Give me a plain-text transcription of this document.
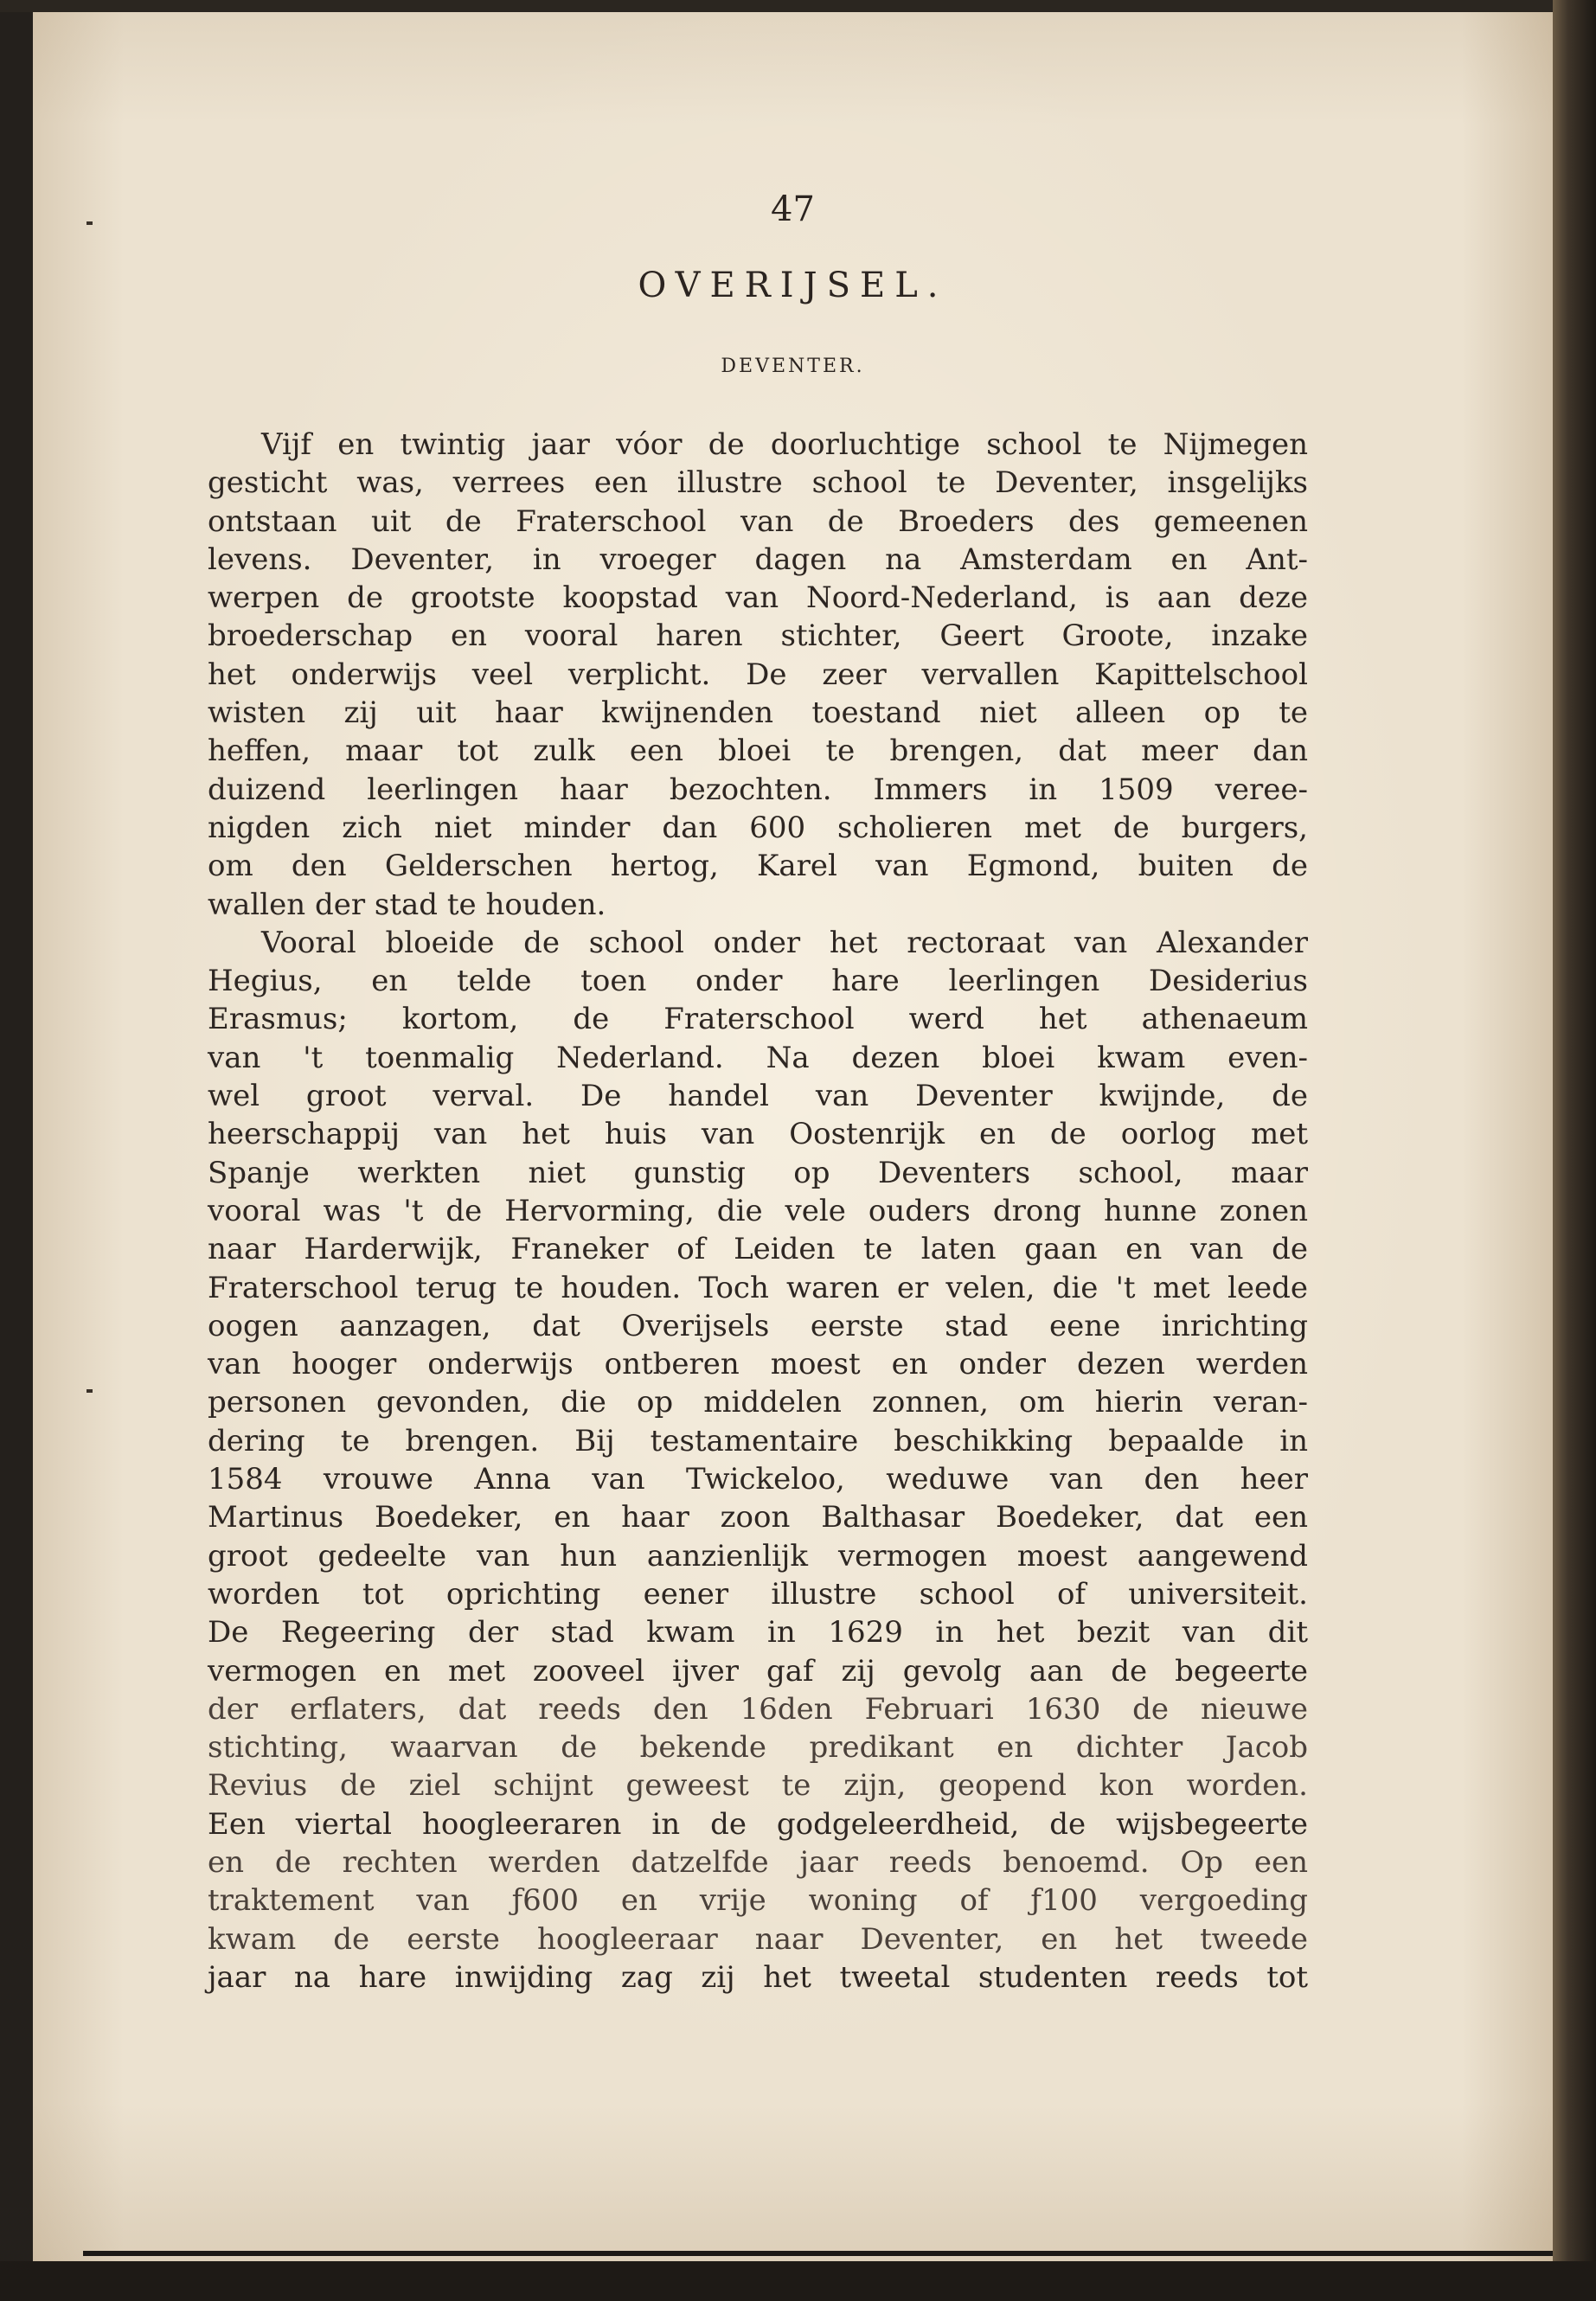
47

OVERIJSEL.
DEVENTER.
Vijf en twintig jaar vóor de doorluchtige school te Nijmegen
gesticht was, verrees een illustre school te Deventer, insgelijks
ontstaan uit de Fraterschool van de Broeders des gemeenen
levens. Deventer, in vroeger dagen na Amsterdam en Ant-
werpen de grootste koopstad van Noord-Nederland, is aan deze
broederschap en vooral haren stichter, Geert Groote, inzake
het onderwijs veel verplicht. De zeer vervallen Kapittelschool
wisten zij uit haar kwijnenden toestand niet alleen op te
heffen, maar tot zulk een bloei te brengen, dat meer dan
duizend leerlingen haar bezochten. Immers in 1509 veree-
nigden zich niet minder dan 600 scholieren met de burgers,
om den Gelderschen hertog, Karel van Egmond, buiten de
wallen der stad te houden.
Vooral bloeide de school onder het rectoraat van Alexander
Hegius, en telde toen onder hare leerlingen Desiderius
Erasmus; kortom, de Fraterschool werd het athenaeum
van 't toenmalig Nederland. Na dezen bloei kwam even-
wel groot verval. De handel van Deventer kwijnde, de
heerschappij van het huis van Oostenrijk en de oorlog met
Spanje werkten niet gunstig op Deventers school, maar
vooral was 't de Hervorming, die vele ouders drong hunne zonen
naar Harderwijk, Franeker of Leiden te laten gaan en van de
Fraterschool terug te houden. Toch waren er velen, die 't met leede
oogen aanzagen, dat Overijsels eerste stad eene inrichting
van hooger onderwijs ontberen moest en onder dezen werden
personen gevonden, die op middelen zonnen, om hierin veran-
dering te brengen. Bij testamentaire beschikking bepaalde in
1584 vrouwe Anna van Twickeloo, weduwe van den heer
Martinus Boedeker, en haar zoon Balthasar Boedeker, dat een
groot gedeelte van hun aanzienlijk vermogen moest aangewend
worden tot oprichting eener illustre school of universiteit.
De Regeering der stad kwam in 1629 in het bezit van dit
vermogen en met zooveel ijver gaf zij gevolg aan de begeerte
der erflaters, dat reeds den 16den Februari 1630 de nieuwe
stichting, waarvan de bekende predikant en dichter Jacob
Revius de ziel schijnt geweest te zijn, geopend kon worden.
Een viertal hoogleeraren in de godgeleerdheid, de wijsbegeerte
en de rechten werden datzelfde jaar reeds benoemd. Op een
traktement van ƒ600 en vrije woning of ƒ100 vergoeding
kwam de eerste hoogleeraar naar Deventer, en het tweede
jaar na hare inwijding zag zij het tweetal studenten reeds tot
